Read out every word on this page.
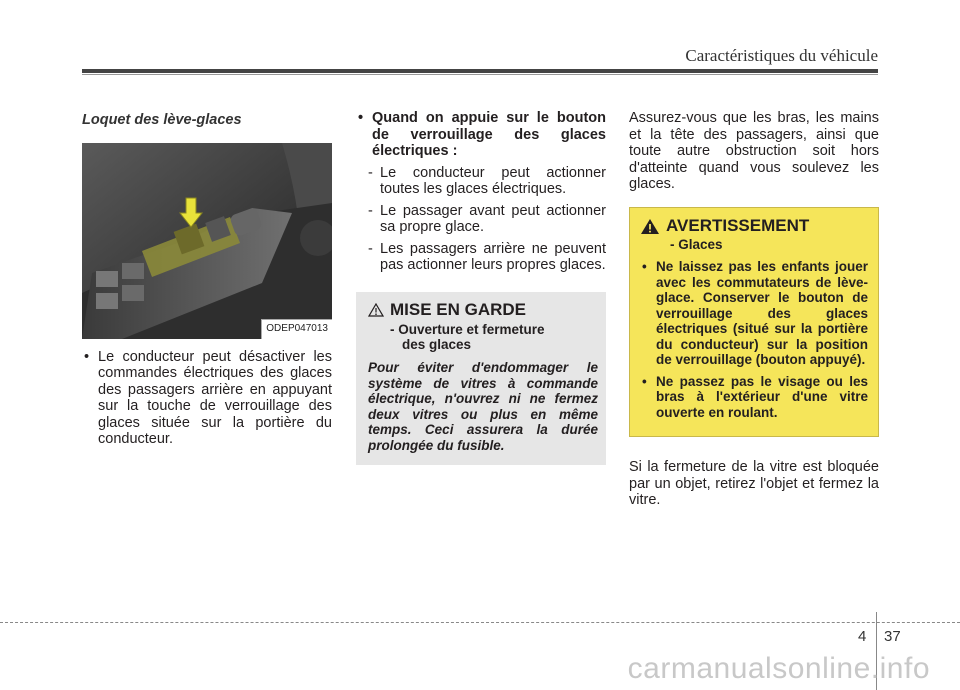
Caractéristiques du véhicule
Loquet des lève-glaces
ODEP047013
• Le conducteur peut désactiver les commandes électriques des glaces des passagers arrière en appuyant sur la touche de verrouillage des glaces située sur la portière du conducteur.
• Quand on appuie sur le bouton de verrouillage des glaces électriques :
- Le conducteur peut actionner toutes les glaces électriques.
- Le passager avant peut actionner sa propre glace.
- Les passagers arrière ne peuvent pas actionner leurs propres glaces.
MISE EN GARDE
- Ouverture et fermeture
des glaces
Pour éviter d'endommager le système de vitres à commande électrique, n'ouvrez ni ne fermez deux vitres ou plus en même temps. Ceci assurera la durée prolongée du fusible.
Assurez-vous que les bras, les mains et la tête des passagers, ainsi que toute autre obstruction soit hors d'atteinte quand vous soulevez les glaces.
AVERTISSEMENT
- Glaces
• Ne laissez pas les enfants jouer avec les commutateurs de lève-glace. Conserver le bouton de verrouillage des glaces électriques (situé sur la portière du conducteur) sur la position de verrouillage (bouton appuyé).
• Ne passez pas le visage ou les bras à l'extérieur d'une vitre ouverte en roulant.
Si la fermeture de la vitre est bloquée par un objet, retirez l'objet et fermez la vitre.
4 37
carmanualsonline.info
